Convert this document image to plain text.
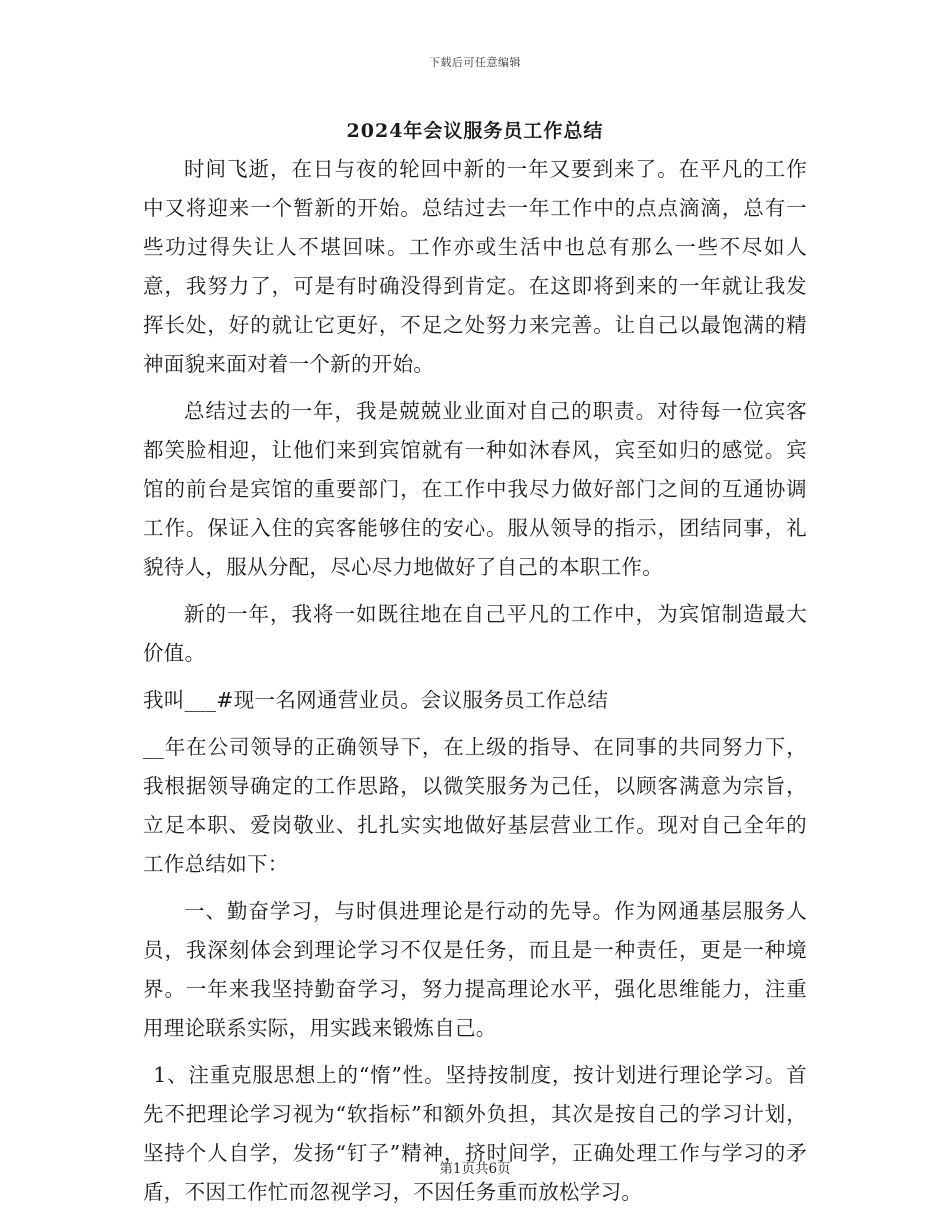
下载后可任意编辑
2024年会议服务员工作总结

时间飞逝，在日与夜的轮回中新的一年又要到来了。在平凡的工作中又将迎来一个暂新的开始。总结过去一年工作中的点点滴滴，总有一些功过得失让人不堪回味。工作亦或生活中也总有那么一些不尽如人意，我努力了，可是有时确没得到肯定。在这即将到来的一年就让我发挥长处，好的就让它更好，不足之处努力来完善。让自己以最饱满的精神面貌来面对着一个新的开始。

总结过去的一年，我是兢兢业业面对自己的职责。对待每一位宾客都笑脸相迎，让他们来到宾馆就有一种如沐春风，宾至如归的感觉。宾馆的前台是宾馆的重要部门，在工作中我尽力做好部门之间的互通协调工作。保证入住的宾客能够住的安心。服从领导的指示，团结同事，礼貌待人，服从分配，尽心尽力地做好了自己的本职工作。

新的一年，我将一如既往地在自己平凡的工作中，为宾馆制造最大价值。

我叫___#现一名网通营业员。会议服务员工作总结

__年在公司领导的正确领导下，在上级的指导、在同事的共同努力下，我根据领导确定的工作思路，以微笑服务为己任，以顾客满意为宗旨，立足本职、爱岗敬业、扎扎实实地做好基层营业工作。现对自己全年的工作总结如下：

一、勤奋学习，与时俱进理论是行动的先导。作为网通基层服务人员，我深刻体会到理论学习不仅是任务，而且是一种责任，更是一种境界。一年来我坚持勤奋学习，努力提高理论水平，强化思维能力，注重用理论联系实际，用实践来锻炼自己。

1、注重克服思想上的“惰”性。坚持按制度，按计划进行理论学习。首先不把理论学习视为“软指标”和额外负担，其次是按自己的学习计划，坚持个人自学，发扬“钉子”精神，挤时间学，正确处理工作与学习的矛盾，不因工作忙而忽视学习，不因任务重而放松学习。

第1页共6页
